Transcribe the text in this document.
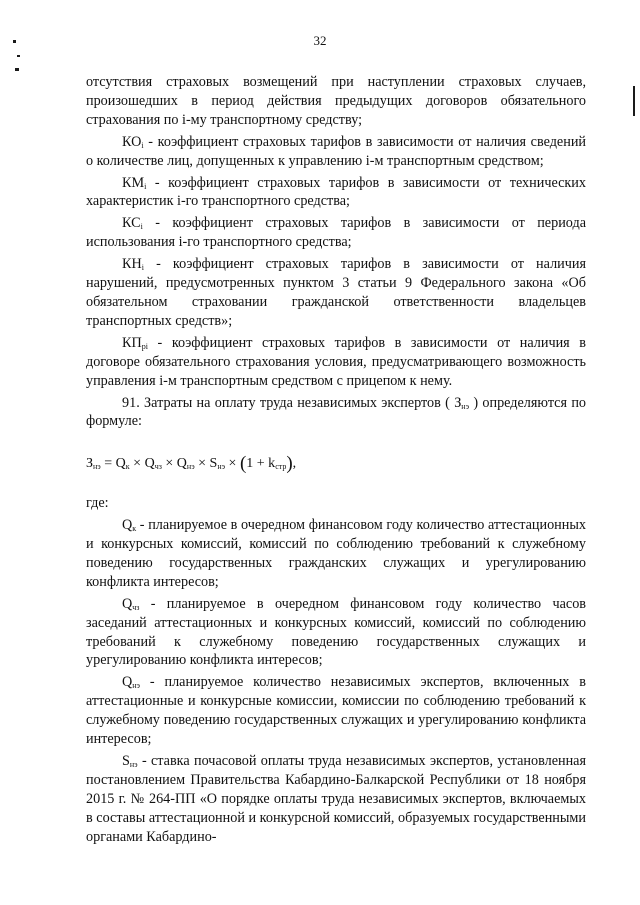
32

отсутствия страховых возмещений при наступлении страховых случаев, произошедших в период действия предыдущих договоров обязательного страхования по i-му транспортному средству;

$КО_i$ - коэффициент страховых тарифов в зависимости от наличия сведений о количестве лиц, допущенных к управлению i-м транспортным средством;

$КМ_i$ - коэффициент страховых тарифов в зависимости от технических характеристик i-го транспортного средства;

$КС_i$ - коэффициент страховых тарифов в зависимости от периода использования i-го транспортного средства;

$КН_i$ - коэффициент страховых тарифов в зависимости от наличия нарушений, предусмотренных пунктом 3 статьи 9 Федерального закона «Об обязательном страховании гражданской ответственности владельцев транспортных средств»;

$КП_{рi}$ - коэффициент страховых тарифов в зависимости от наличия в договоре обязательного страхования условия, предусматривающего возможность управления i-м транспортным средством с прицепом к нему.

91. Затраты на оплату труда независимых экспертов ( $З_{нэ}$ ) определяются по формуле:

$З_{нэ} = Q_к \times Q_{чз} \times Q_{нэ} \times S_{нэ} \times (1 + k_{стр})$,

где:

$Q_к$ - планируемое в очередном финансовом году количество аттестационных и конкурсных комиссий, комиссий по соблюдению требований к служебному поведению государственных гражданских служащих и урегулированию конфликта интересов;

$Q_{чз}$ - планируемое в очередном финансовом году количество часов заседаний аттестационных и конкурсных комиссий, комиссий по соблюдению требований к служебному поведению государственных служащих и урегулированию конфликта интересов;

$Q_{нэ}$ - планируемое количество независимых экспертов, включенных в аттестационные и конкурсные комиссии, комиссии по соблюдению требований к служебному поведению государственных служащих и урегулированию конфликта интересов;

$S_{нэ}$ - ставка почасовой оплаты труда независимых экспертов, установленная постановлением Правительства Кабардино-Балкарской Республики от 18 ноября 2015 г. № 264-ПП «О порядке оплаты труда независимых экспертов, включаемых в составы аттестационной и конкурсной комиссий, образуемых государственными органами Кабардино-
